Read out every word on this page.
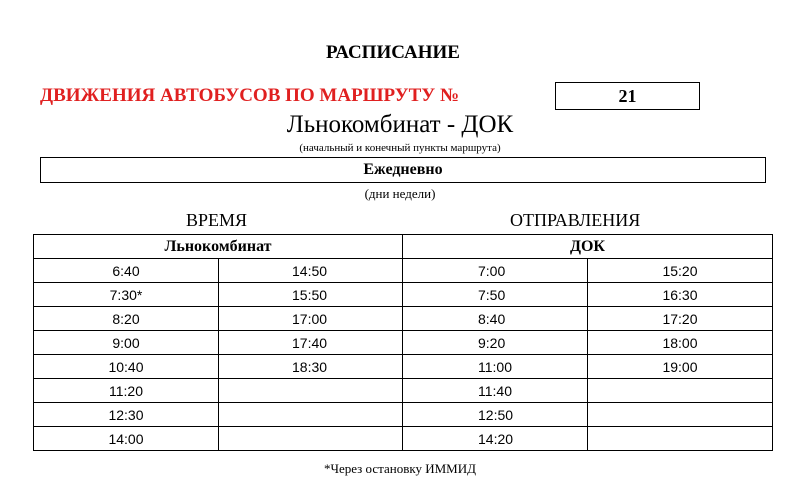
РАСПИСАНИЕ
ДВИЖЕНИЯ АВТОБУСОВ ПО МАРШРУТУ №	21
Льнокомбинат - ДОК
(начальный и конечный пункты маршрута)
Ежедневно
(дни недели)
ВРЕМЯ	ОТПРАВЛЕНИЯ
Льнокомбинат		ДОК	
6:40	14:50	7:00	15:20
7:30*	15:50	7:50	16:30
8:20	17:00	8:40	17:20
9:00	17:40	9:20	18:00
10:40	18:30	11:00	19:00
11:20		11:40	
12:30		12:50	
14:00		14:20	
*Через остановку ИММИД
